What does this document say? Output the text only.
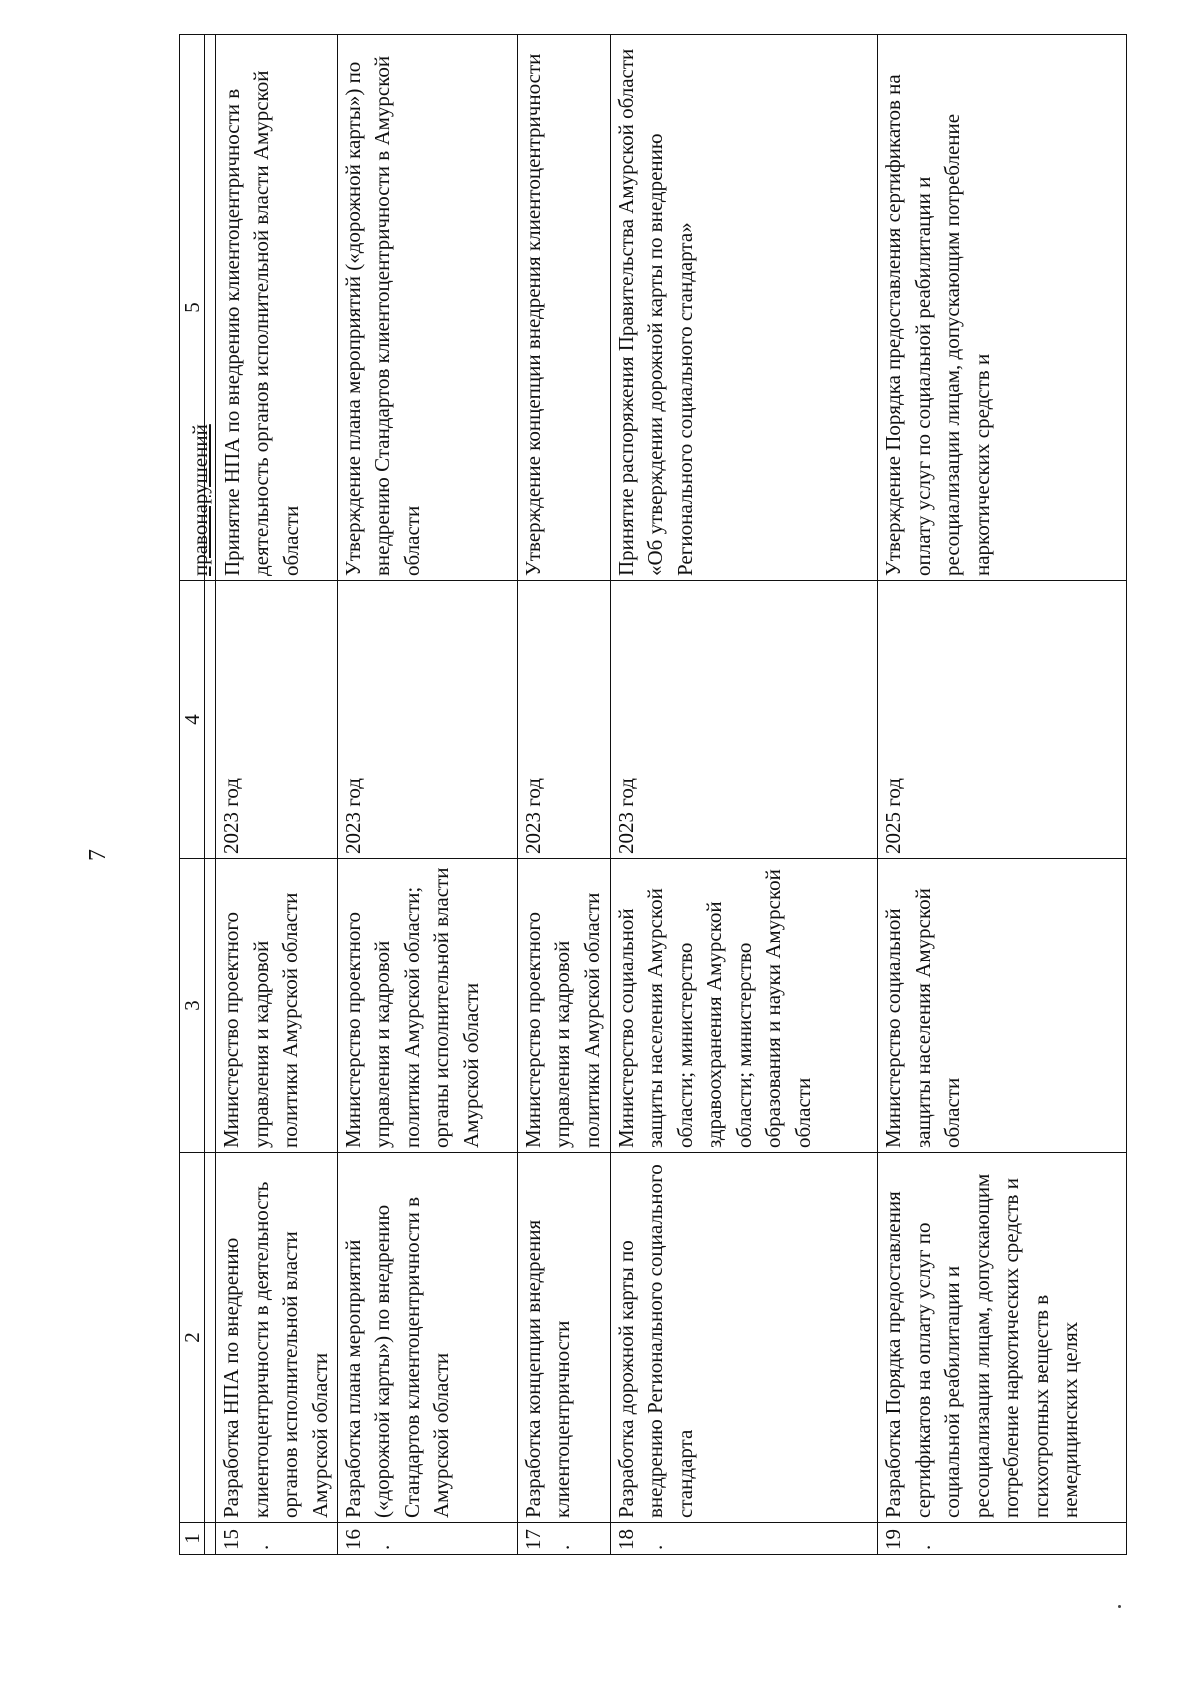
7
1	2	3	4	5

15.	Разработка НПА по внедрению клиентоцентричности в деятельность органов исполнительной власти Амурской области	Министерство проектного управления и кадровой политики Амурской области	2023 год	правонарушений Принятие НПА по внедрению клиентоцентричности в деятельность органов исполнительной власти Амурской области

16.	Разработка плана мероприятий («дорожной карты») по внедрению Стандартов клиентоцентричности в Амурской области	Министерство проектного управления и кадровой политики Амурской области; органы исполнительной власти Амурской области	2023 год	Утверждение плана мероприятий («дорожной карты») по внедрению Стандартов клиентоцентричности в Амурской области
17.	Разработка концепции внедрения клиентоцентричности	Министерство проектного управления и кадровой политики Амурской области	2023 год	Утверждение концепции внедрения клиентоцентричности
18.	Разработка дорожной карты по внедрению Регионального социального стандарта	Министерство социальной защиты населения Амурской области; министерство здравоохранения Амурской области; министерство образования и науки Амурской области	2023 год	Принятие распоряжения Правительства Амурской области «Об утверждении дорожной карты по внедрению Регионального социального стандарта»
19.	Разработка Порядка предоставления сертификатов на оплату услуг по социальной реабилитации и ресоциализации лицам, допускающим потребление наркотических средств и психотропных веществ в немедицинских целях	Министерство социальной защиты населения Амурской области	2025 год	Утверждение Порядка предоставления сертификатов на оплату услуг по социальной реабилитации и ресоциализации лицам, допускающим потребление наркотических средств и
